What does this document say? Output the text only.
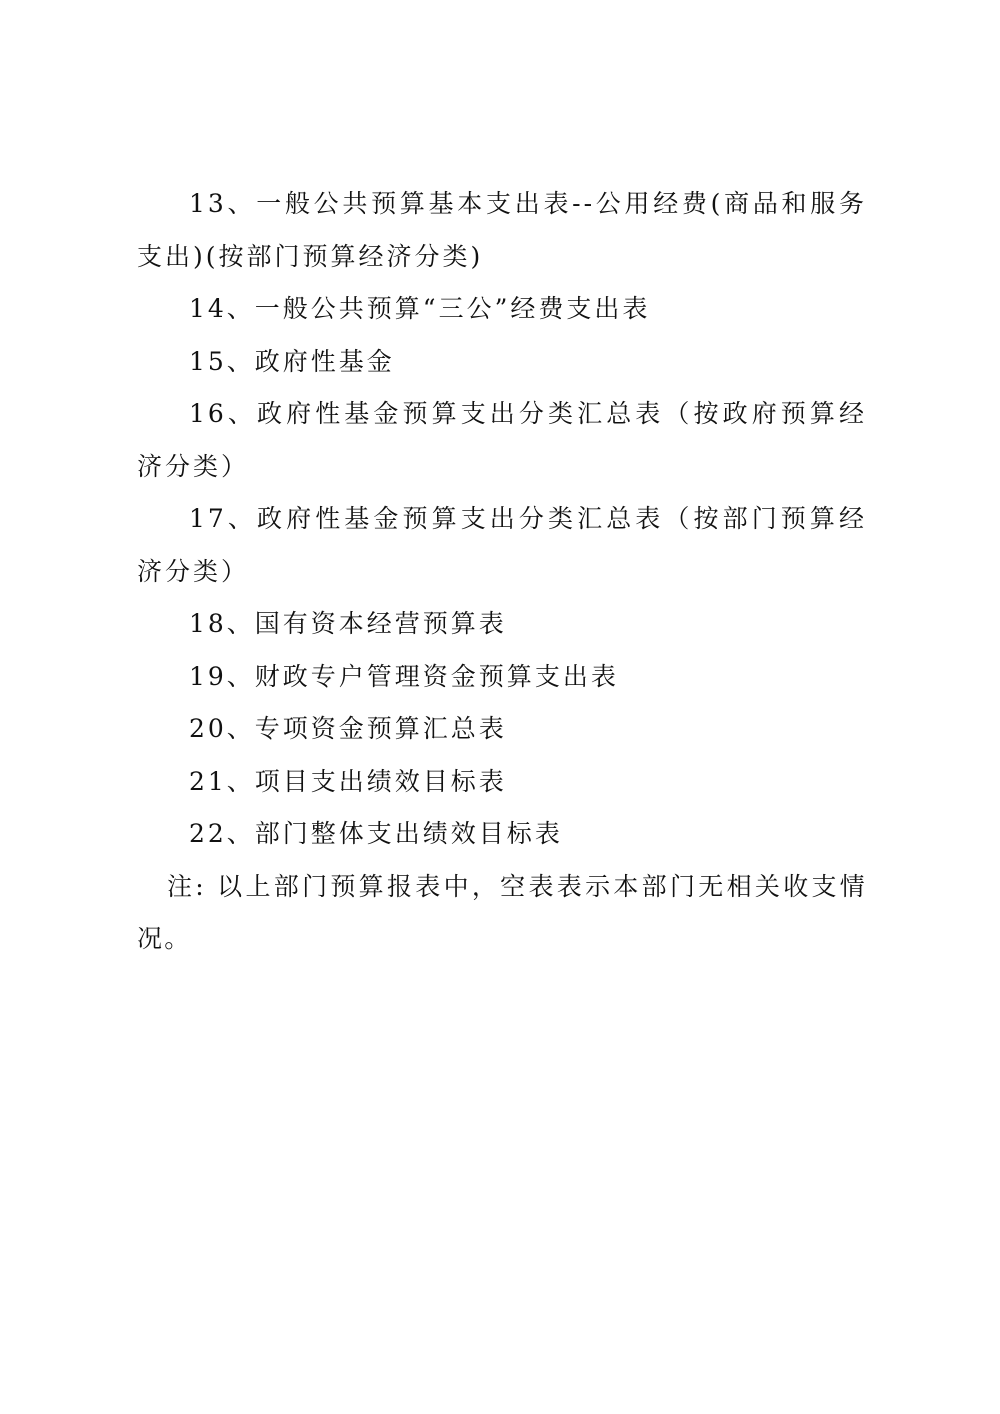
13、一般公共预算基本支出表--公用经费(商品和服务支出)(按部门预算经济分类)

14、一般公共预算“三公”经费支出表

15、政府性基金

16、政府性基金预算支出分类汇总表（按政府预算经济分类）

17、政府性基金预算支出分类汇总表（按部门预算经济分类）

18、国有资本经营预算表

19、财政专户管理资金预算支出表

20、专项资金预算汇总表

21、项目支出绩效目标表

22、部门整体支出绩效目标表

注: 以上部门预算报表中，空表表示本部门无相关收支情况。
